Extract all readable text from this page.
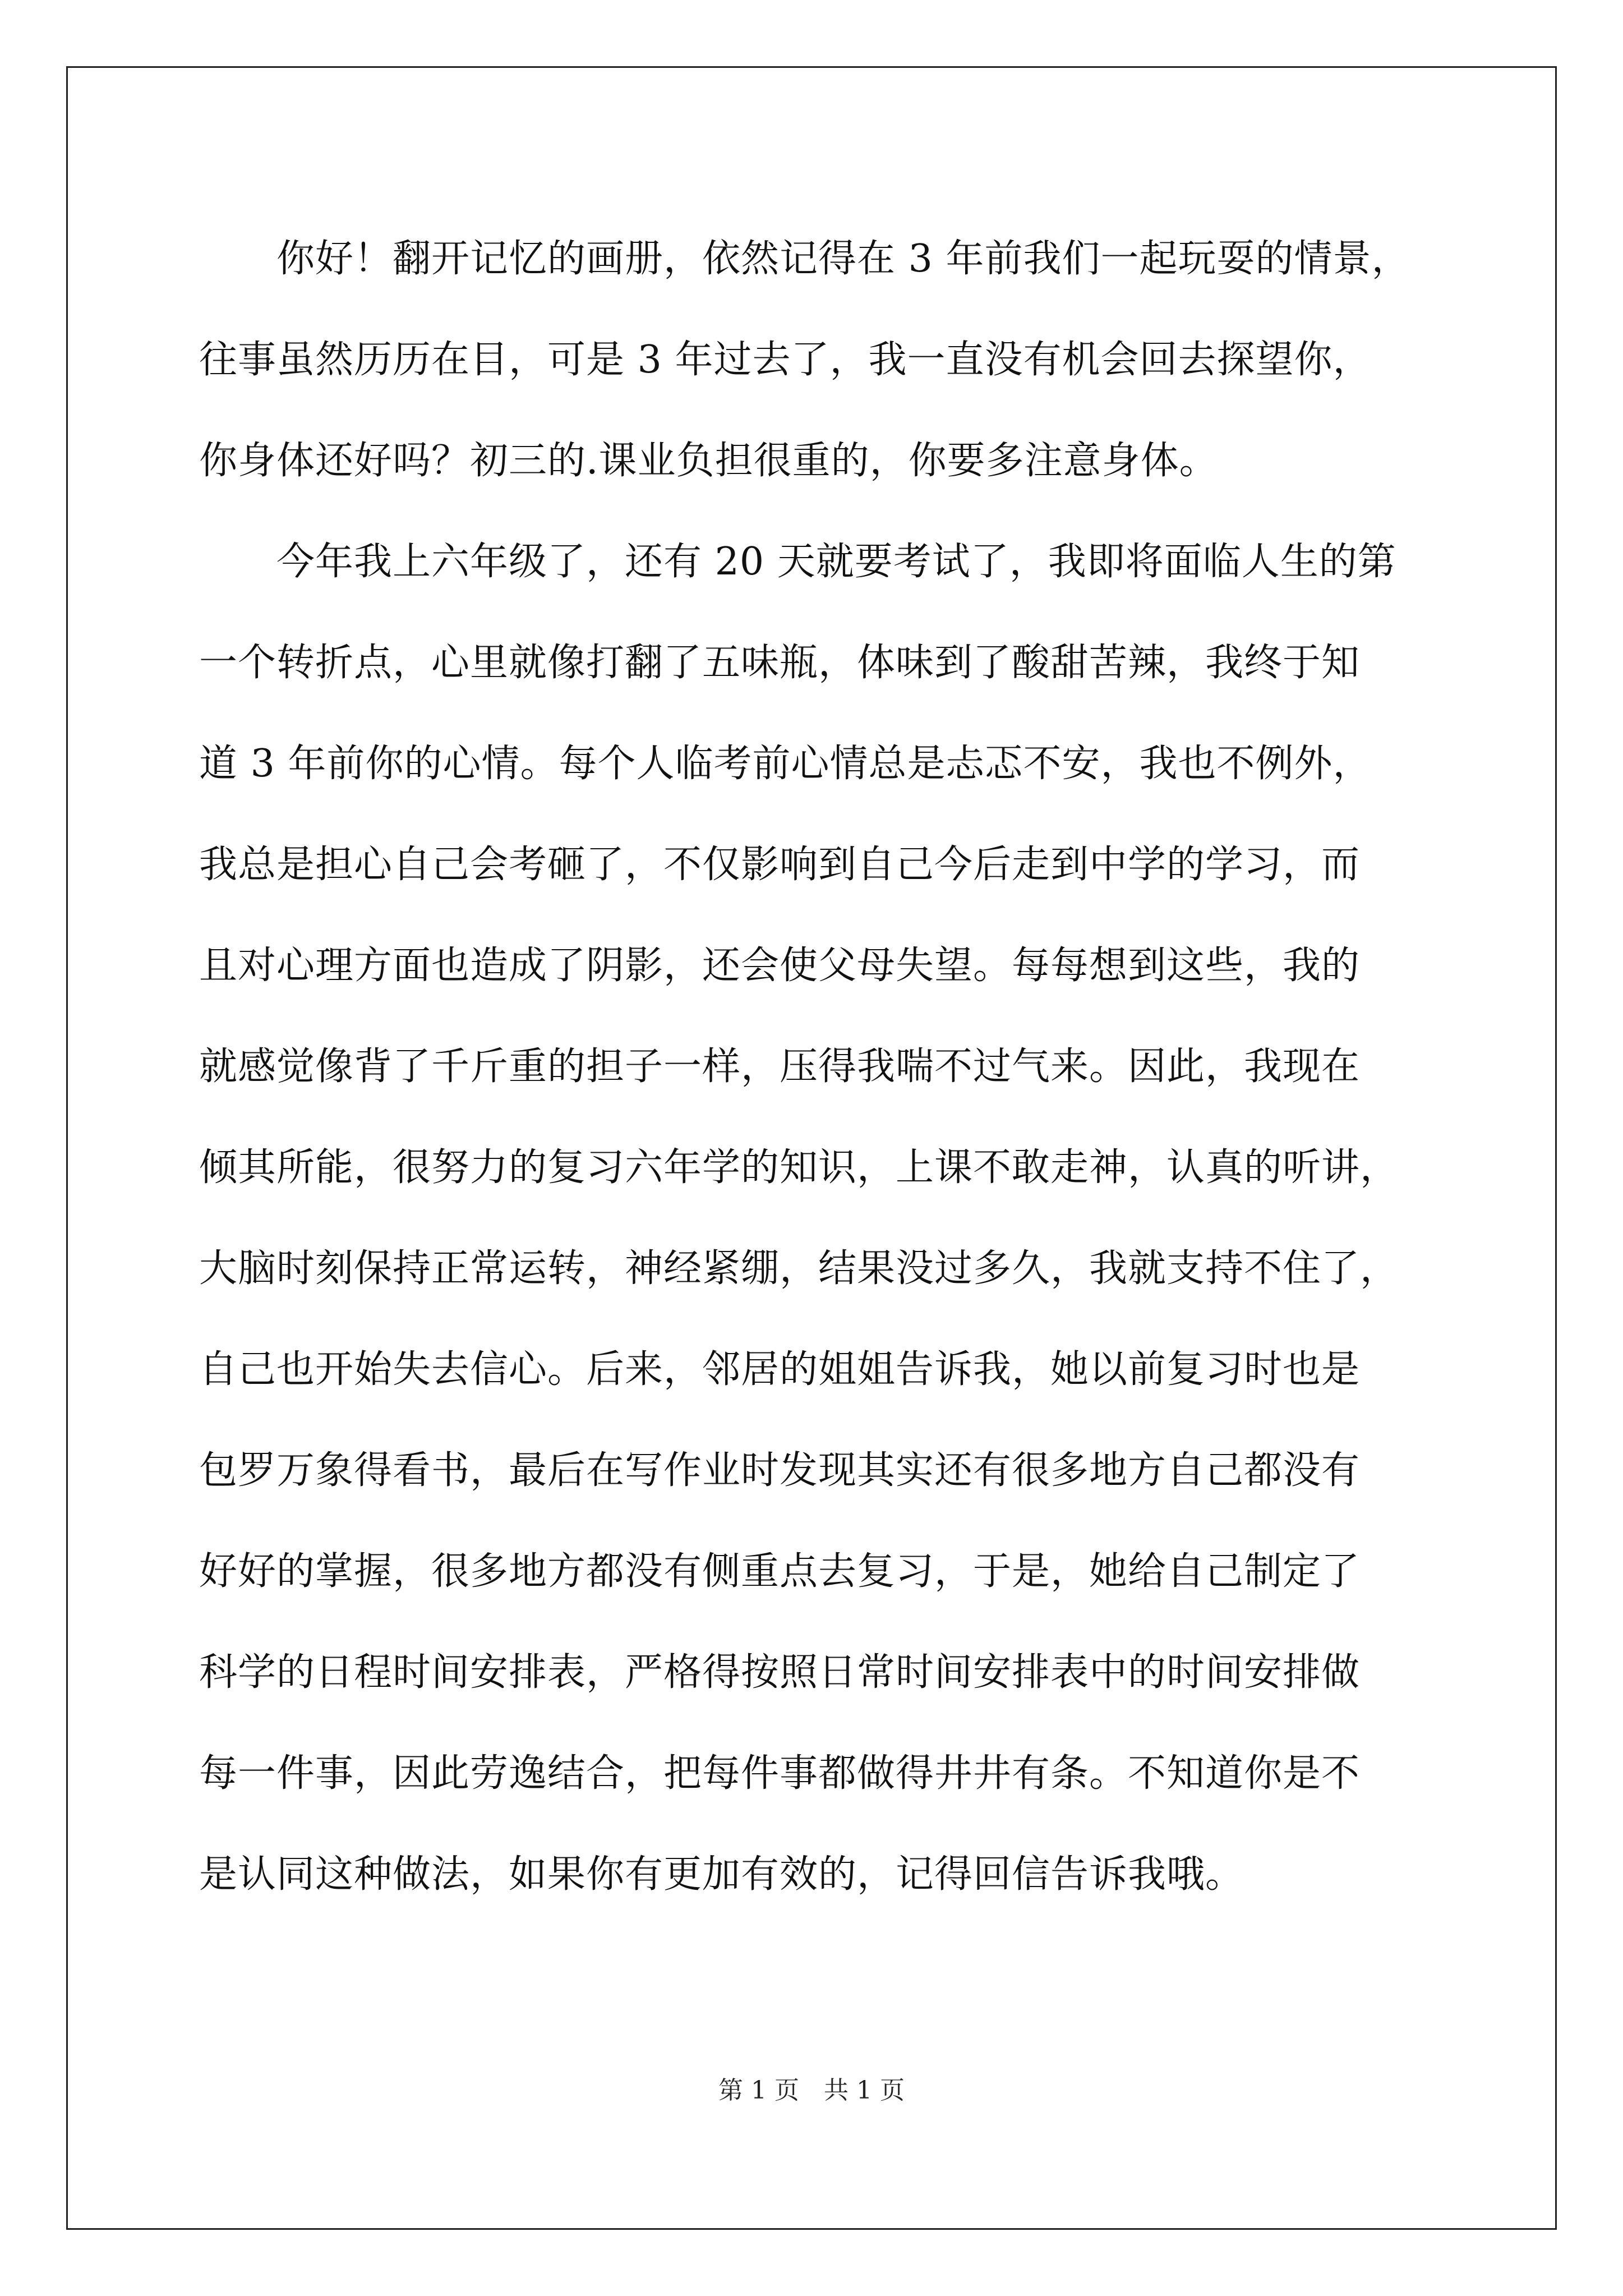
　　你好！翻开记忆的画册，依然记得在 3 年前我们一起玩耍的情景，
往事虽然历历在目，可是 3 年过去了，我一直没有机会回去探望你，
你身体还好吗？初三的.课业负担很重的，你要多注意身体。
　　今年我上六年级了，还有 20 天就要考试了，我即将面临人生的第
一个转折点，心里就像打翻了五味瓶，体味到了酸甜苦辣，我终于知
道 3 年前你的心情。每个人临考前心情总是忐忑不安，我也不例外，
我总是担心自己会考砸了，不仅影响到自己今后走到中学的学习，而
且对心理方面也造成了阴影，还会使父母失望。每每想到这些，我的
就感觉像背了千斤重的担子一样，压得我喘不过气来。因此，我现在
倾其所能，很努力的复习六年学的知识，上课不敢走神，认真的听讲，
大脑时刻保持正常运转，神经紧绷，结果没过多久，我就支持不住了，
自己也开始失去信心。后来，邻居的姐姐告诉我，她以前复习时也是
包罗万象得看书，最后在写作业时发现其实还有很多地方自己都没有
好好的掌握，很多地方都没有侧重点去复习，于是，她给自己制定了
科学的日程时间安排表，严格得按照日常时间安排表中的时间安排做
每一件事，因此劳逸结合，把每件事都做得井井有条。不知道你是不
是认同这种做法，如果你有更加有效的，记得回信告诉我哦。
第 1 页　共 1 页
